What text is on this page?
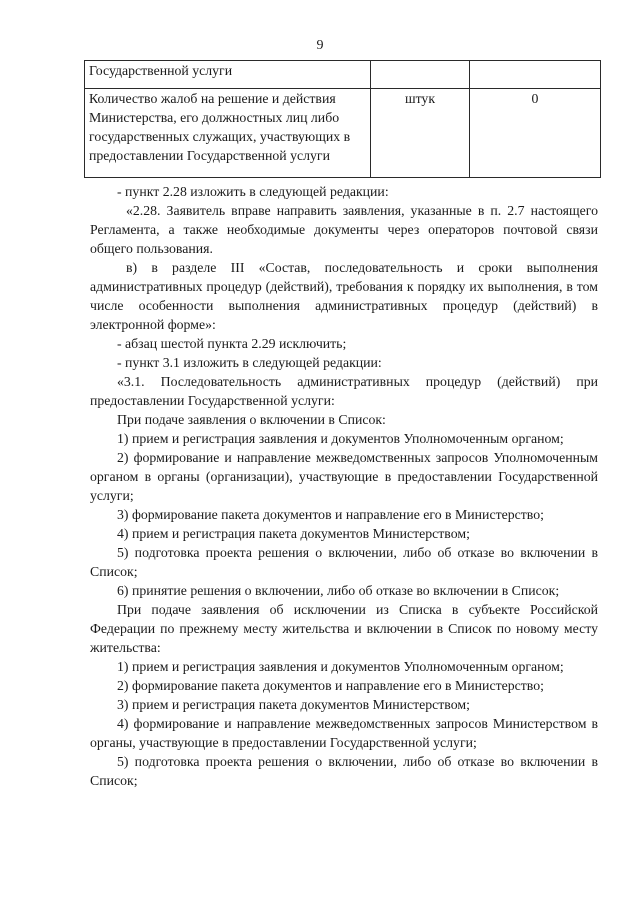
9
Государственной услуги		
Количество жалоб на решение и действия Министерства, его должностных лиц либо государственных служащих, участвующих в предоставлении Государственной услуги	штук	0

- пункт 2.28 изложить в следующей редакции:

«2.28. Заявитель вправе направить заявления, указанные в п. 2.7 настоящего Регламента, а также необходимые документы через операторов почтовой связи общего пользования.

в) в разделе III «Состав, последовательность и сроки выполнения административных процедур (действий), требования к порядку их выполнения, в том числе особенности выполнения административных процедур (действий) в электронной форме»:

- абзац шестой пункта 2.29 исключить;

- пункт 3.1 изложить в следующей редакции:

«3.1. Последовательность административных процедур (действий) при предоставлении Государственной услуги:

При подаче заявления о включении в Список:

1) прием и регистрация заявления и документов Уполномоченным органом;

2) формирование и направление межведомственных запросов Уполномоченным органом в органы (организации), участвующие в предоставлении Государственной услуги;

3) формирование пакета документов и направление его в Министерство;

4) прием и регистрация пакета документов Министерством;

5) подготовка проекта решения о включении, либо об отказе во включении в Список;

6) принятие решения о включении, либо об отказе во включении в Список;

При подаче заявления об исключении из Списка в субъекте Российской Федерации по прежнему месту жительства и включении в Список по новому месту жительства:

1) прием и регистрация заявления и документов Уполномоченным органом;

2) формирование пакета документов и направление его в Министерство;

3) прием и регистрация пакета документов Министерством;

4) формирование и направление межведомственных запросов Министерством в органы, участвующие в предоставлении Государственной услуги;

5) подготовка проекта решения о включении, либо об отказе во включении в Список;
